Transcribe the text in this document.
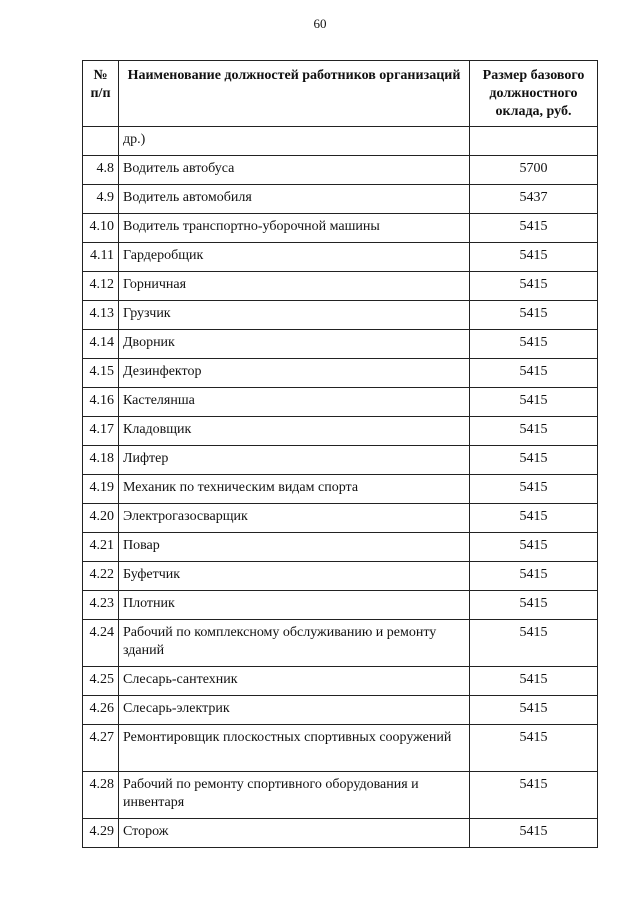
60
№ п/п	Наименование должностей работников организаций	Размер базового должностного оклада, руб.
	др.)	
4.8	Водитель автобуса	5700
4.9	Водитель автомобиля	5437
4.10	Водитель транспортно-уборочной машины	5415
4.11	Гардеробщик	5415
4.12	Горничная	5415
4.13	Грузчик	5415
4.14	Дворник	5415
4.15	Дезинфектор	5415
4.16	Кастелянша	5415
4.17	Кладовщик	5415
4.18	Лифтер	5415
4.19	Механик по техническим видам спорта	5415
4.20	Электрогазосварщик	5415
4.21	Повар	5415
4.22	Буфетчик	5415
4.23	Плотник	5415
4.24	Рабочий по комплексному обслуживанию и ремонту зданий	5415
4.25	Слесарь-сантехник	5415
4.26	Слесарь-электрик	5415
4.27	Ремонтировщик плоскостных спортивных сооружений	5415
4.28	Рабочий по ремонту спортивного оборудования и инвентаря	5415
4.29	Сторож	5415
